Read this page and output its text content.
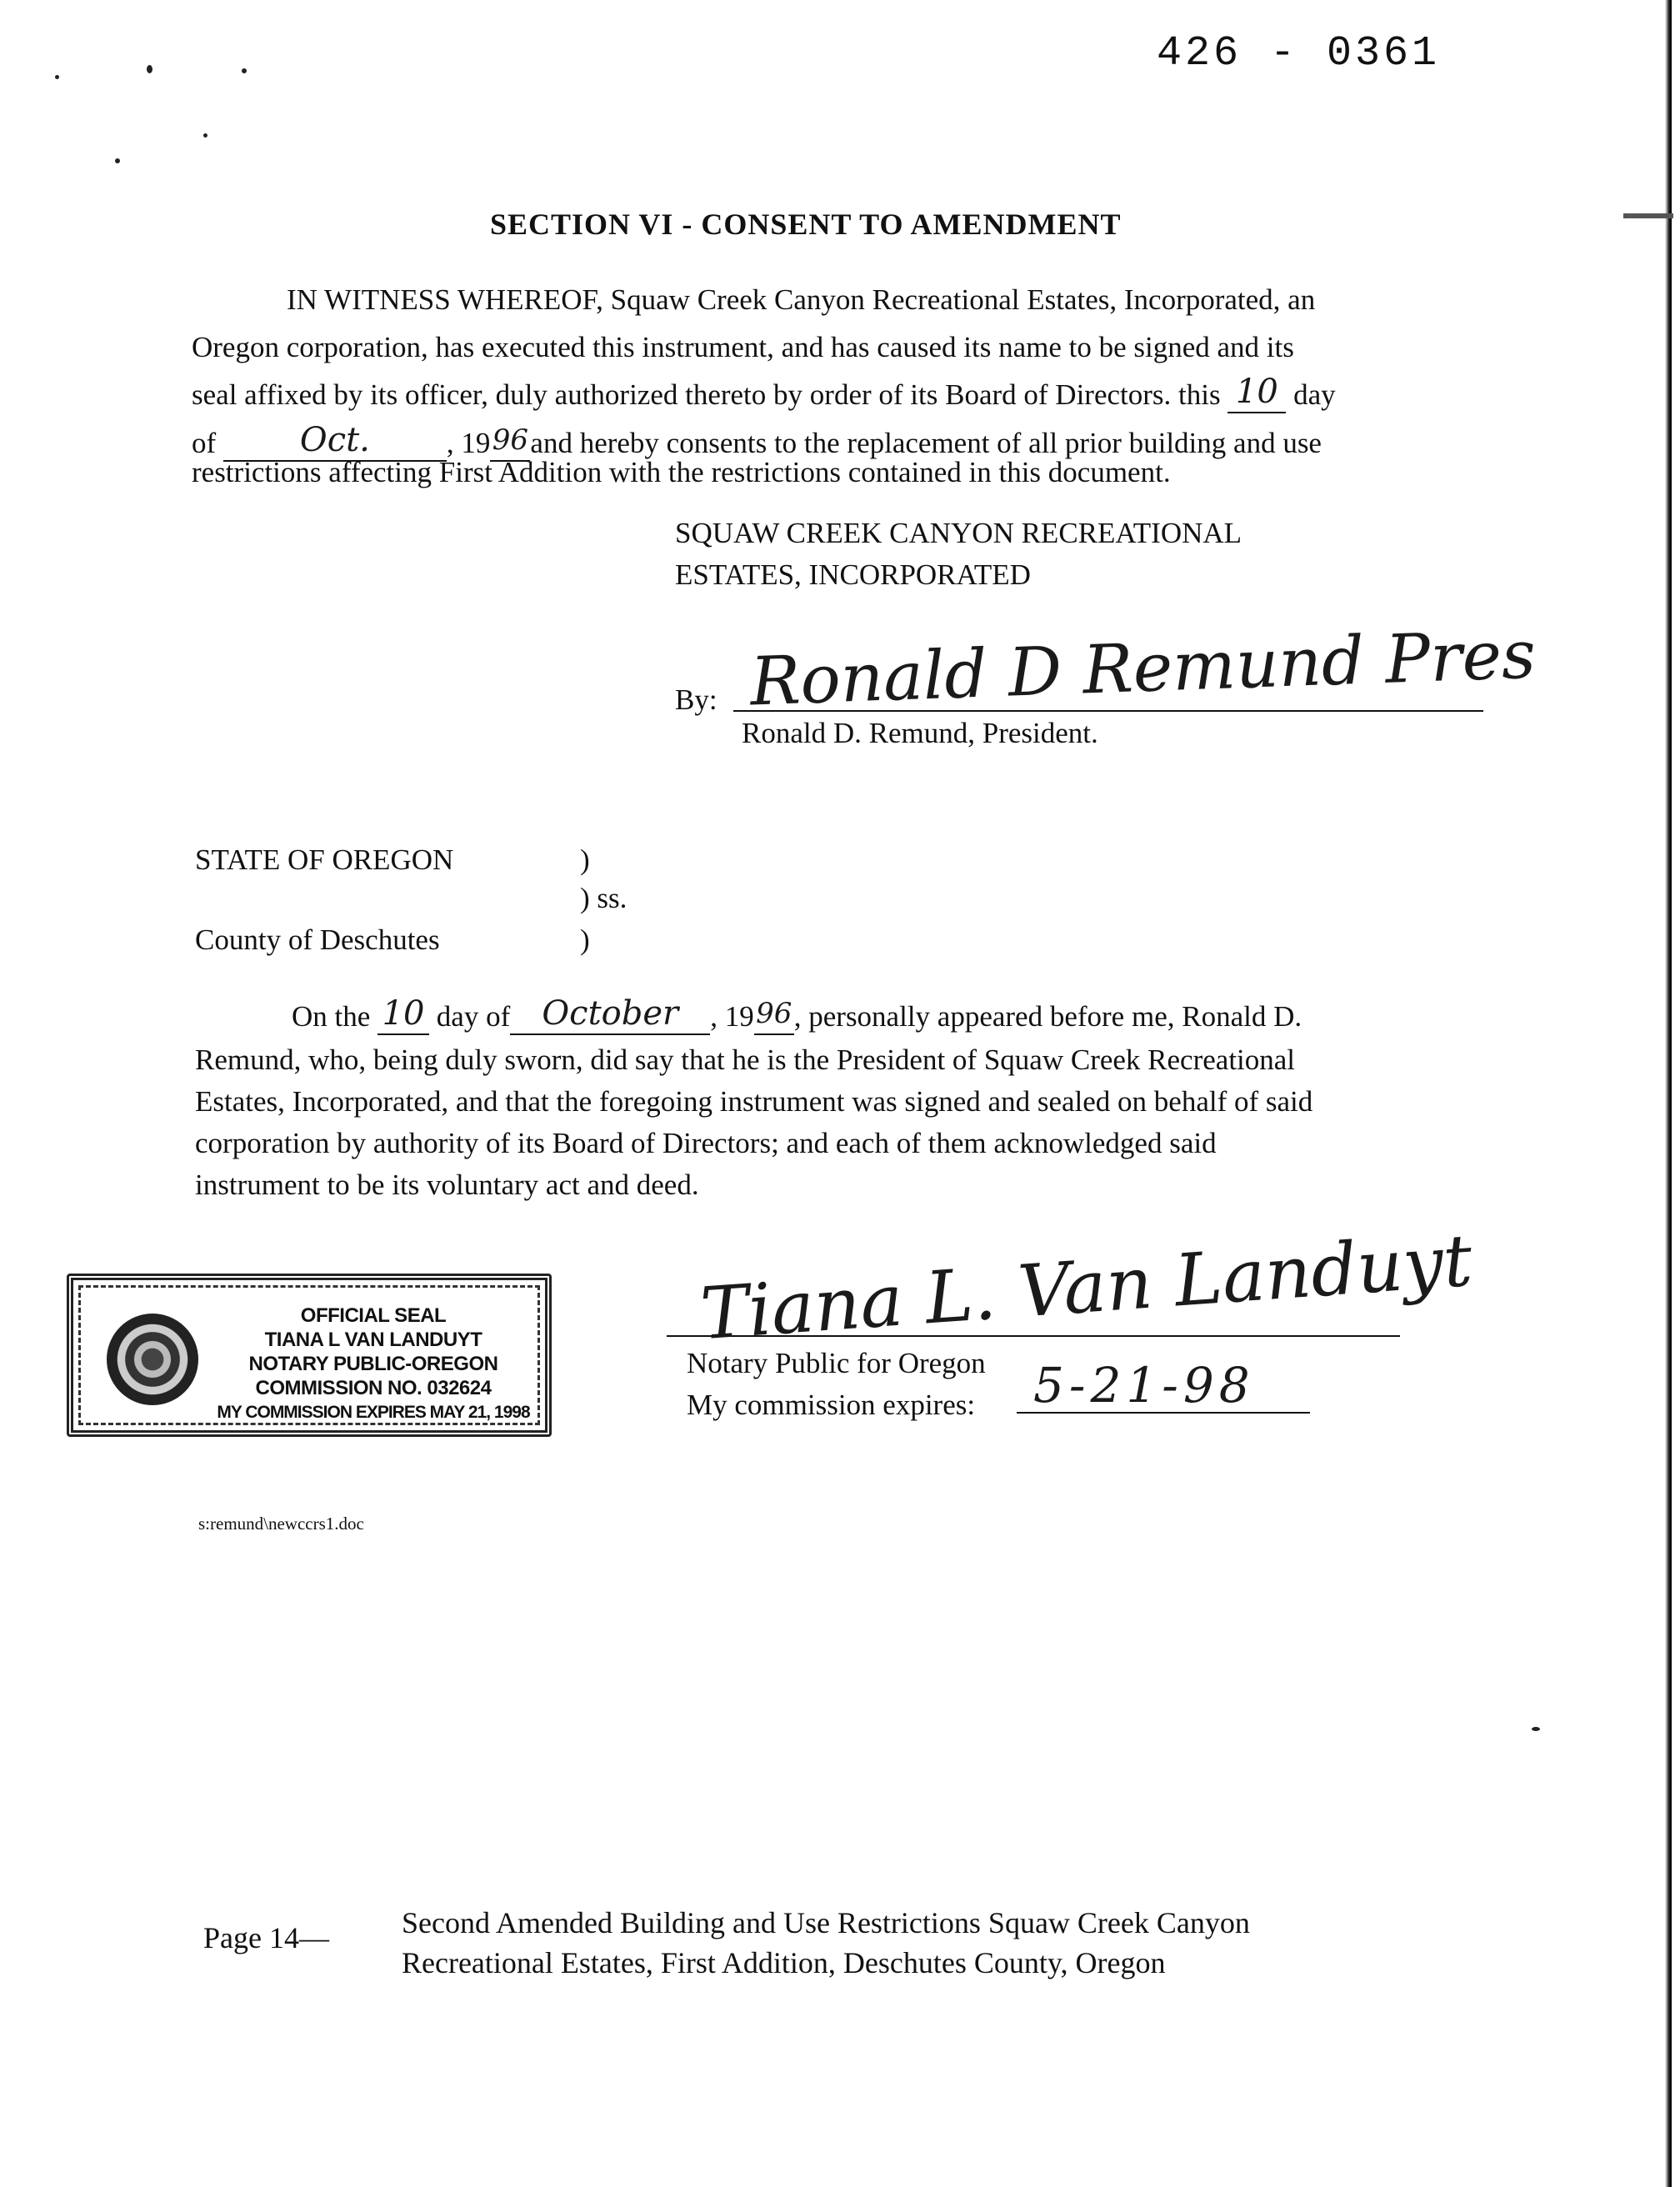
426 - 0361
SECTION VI - CONSENT TO AMENDMENT
IN WITNESS WHEREOF, Squaw Creek Canyon Recreational Estates, Incorporated, an
Oregon corporation, has executed this instrument, and has caused its name to be signed and its
seal affixed by its officer, duly authorized thereto by order of its Board of Directors. this 10 day
of	Oct.	, 19 96 and hereby consents to the replacement of all prior building and use
restrictions affecting First Addition with the restrictions contained in this document.
SQUAW CREEK CANYON RECREATIONAL
ESTATES, INCORPORATED
By: Ronald D Remund Pres
Ronald D. Remund, President.
STATE OF OREGON	)
) ss.
County of Deschutes	)
On the 10 day of October	, 19 96 , personally appeared before me, Ronald D.
Remund, who, being duly sworn, did say that he is the President of Squaw Creek Recreational
Estates, Incorporated, and that the foregoing instrument was signed and sealed on behalf of said
corporation by authority of its Board of Directors; and each of them acknowledged said
instrument to be its voluntary act and deed.
OFFICIAL SEAL
TIANA L VAN LANDUYT
NOTARY PUBLIC-OREGON
COMMISSION NO. 032624
MY COMMISSION EXPIRES MAY 21, 1998
Tiana L. Van Landuyt
Notary Public for Oregon
My commission expires: 5-21-98
s:remund\newccrs1.doc
Page 14— Second Amended Building and Use Restrictions Squaw Creek Canyon
Recreational Estates, First Addition, Deschutes County, Oregon
